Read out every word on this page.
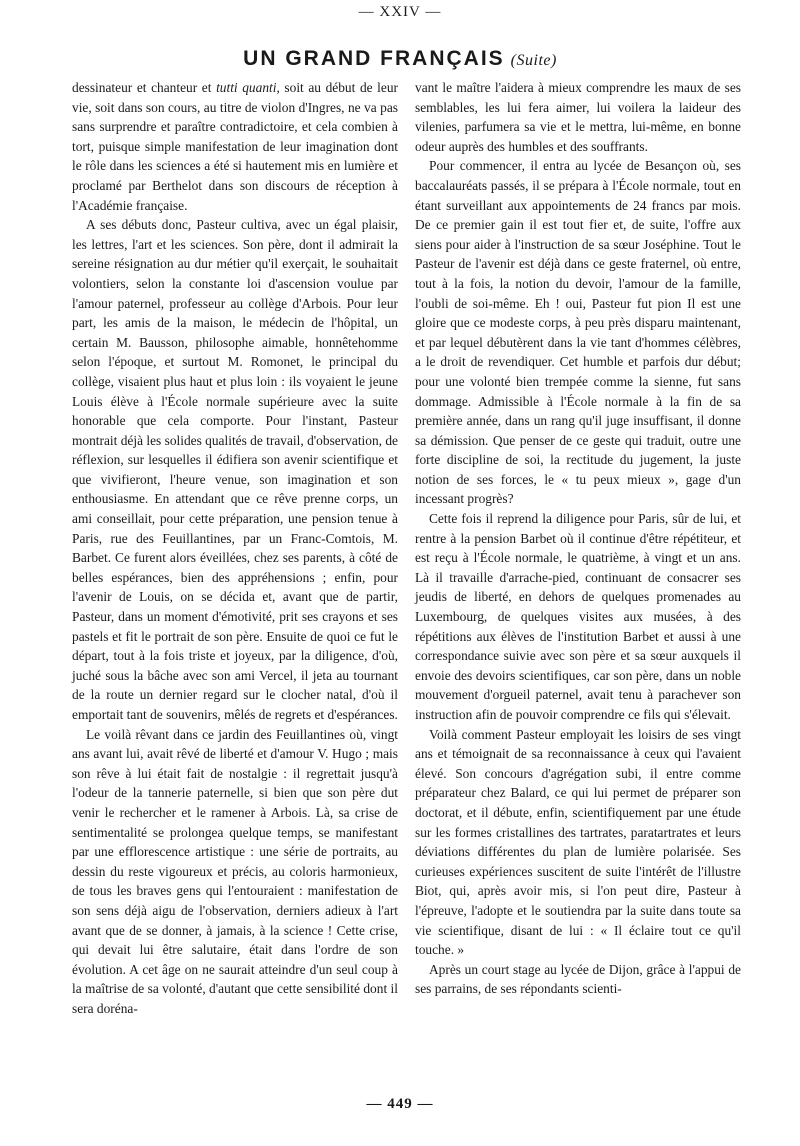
— XXIV —
UN GRAND FRANÇAIS (Suite)

dessinateur et chanteur et tutti quanti, soit au début de leur vie, soit dans son cours, au titre de violon d'Ingres, ne va pas sans surprendre et paraître contradictoire, et cela combien à tort, puisque simple manifestation de leur imagination dont le rôle dans les sciences a été si hautement mis en lumière et proclamé par Berthelot dans son discours de réception à l'Académie française.

A ses débuts donc, Pasteur cultiva, avec un égal plaisir, les lettres, l'art et les sciences. Son père, dont il admirait la sereine résignation au dur métier qu'il exerçait, le souhaitait volontiers, selon la constante loi d'ascension voulue par l'amour paternel, professeur au collège d'Arbois. Pour leur part, les amis de la maison, le médecin de l'hôpital, un certain M. Bausson, philosophe aimable, honnêtehomme selon l'époque, et surtout M. Romonet, le principal du collège, visaient plus haut et plus loin : ils voyaient le jeune Louis élève à l'École normale supérieure avec la suite honorable que cela comporte. Pour l'instant, Pasteur montrait déjà les solides qualités de travail, d'observation, de réflexion, sur lesquelles il édifiera son avenir scientifique et que vivifieront, l'heure venue, son imagination et son enthousiasme. En attendant que ce rêve prenne corps, un ami conseillait, pour cette préparation, une pension tenue à Paris, rue des Feuillantines, par un Franc-Comtois, M. Barbet. Ce furent alors éveillées, chez ses parents, à côté de belles espérances, bien des appréhensions ; enfin, pour l'avenir de Louis, on se décida et, avant que de partir, Pasteur, dans un moment d'émotivité, prit ses crayons et ses pastels et fit le portrait de son père. Ensuite de quoi ce fut le départ, tout à la fois triste et joyeux, par la diligence, d'où, juché sous la bâche avec son ami Vercel, il jeta au tournant de la route un dernier regard sur le clocher natal, d'où il emportait tant de souvenirs, mêlés de regrets et d'espérances.

Le voilà rêvant dans ce jardin des Feuillantines où, vingt ans avant lui, avait rêvé de liberté et d'amour V. Hugo ; mais son rêve à lui était fait de nostalgie : il regrettait jusqu'à l'odeur de la tannerie paternelle, si bien que son père dut venir le rechercher et le ramener à Arbois. Là, sa crise de sentimentalité se prolongea quelque temps, se manifestant par une efflorescence artistique : une série de portraits, au dessin du reste vigoureux et précis, au coloris harmonieux, de tous les braves gens qui l'entouraient : manifestation de son sens déjà aigu de l'observation, derniers adieux à l'art avant que de se donner, à jamais, à la science ! Cette crise, qui devait lui être salutaire, était dans l'ordre de son évolution. A cet âge on ne saurait atteindre d'un seul coup à la maîtrise de sa volonté, d'autant que cette sensibilité dont il sera doréna-

vant le maître l'aidera à mieux comprendre les maux de ses semblables, les lui fera aimer, lui voilera la laideur des vilenies, parfumera sa vie et le mettra, lui-même, en bonne odeur auprès des humbles et des souffrants.

Pour commencer, il entra au lycée de Besançon où, ses baccalauréats passés, il se prépara à l'École normale, tout en étant surveillant aux appointements de 24 francs par mois. De ce premier gain il est tout fier et, de suite, l'offre aux siens pour aider à l'instruction de sa sœur Joséphine. Tout le Pasteur de l'avenir est déjà dans ce geste fraternel, où entre, tout à la fois, la notion du devoir, l'amour de la famille, l'oubli de soi-même. Eh ! oui, Pasteur fut pion Il est une gloire que ce modeste corps, à peu près disparu maintenant, et par lequel débutèrent dans la vie tant d'hommes célèbres, a le droit de revendiquer. Cet humble et parfois dur début; pour une volonté bien trempée comme la sienne, fut sans dommage. Admissible à l'École normale à la fin de sa première année, dans un rang qu'il juge insuffisant, il donne sa démission. Que penser de ce geste qui traduit, outre une forte discipline de soi, la rectitude du jugement, la juste notion de ses forces, le « tu peux mieux », gage d'un incessant progrès?

Cette fois il reprend la diligence pour Paris, sûr de lui, et rentre à la pension Barbet où il continue d'être répétiteur, et est reçu à l'École normale, le quatrième, à vingt et un ans. Là il travaille d'arrache-pied, continuant de consacrer ses jeudis de liberté, en dehors de quelques promenades au Luxembourg, de quelques visites aux musées, à des répétitions aux élèves de l'institution Barbet et aussi à une correspondance suivie avec son père et sa sœur auxquels il envoie des devoirs scientifiques, car son père, dans un noble mouvement d'orgueil paternel, avait tenu à parachever son instruction afin de pouvoir comprendre ce fils qui s'élevait.

Voilà comment Pasteur employait les loisirs de ses vingt ans et témoignait de sa reconnaissance à ceux qui l'avaient élevé. Son concours d'agrégation subi, il entre comme préparateur chez Balard, ce qui lui permet de préparer son doctorat, et il débute, enfin, scientifiquement par une étude sur les formes cristallines des tartrates, paratartrates et leurs déviations différentes du plan de lumière polarisée. Ses curieuses expériences suscitent de suite l'intérêt de l'illustre Biot, qui, après avoir mis, si l'on peut dire, Pasteur à l'épreuve, l'adopte et le soutiendra par la suite dans toute sa vie scientifique, disant de lui : « Il éclaire tout ce qu'il touche. »

Après un court stage au lycée de Dijon, grâce à l'appui de ses parrains, de ses répondants scienti-

— 449 —
